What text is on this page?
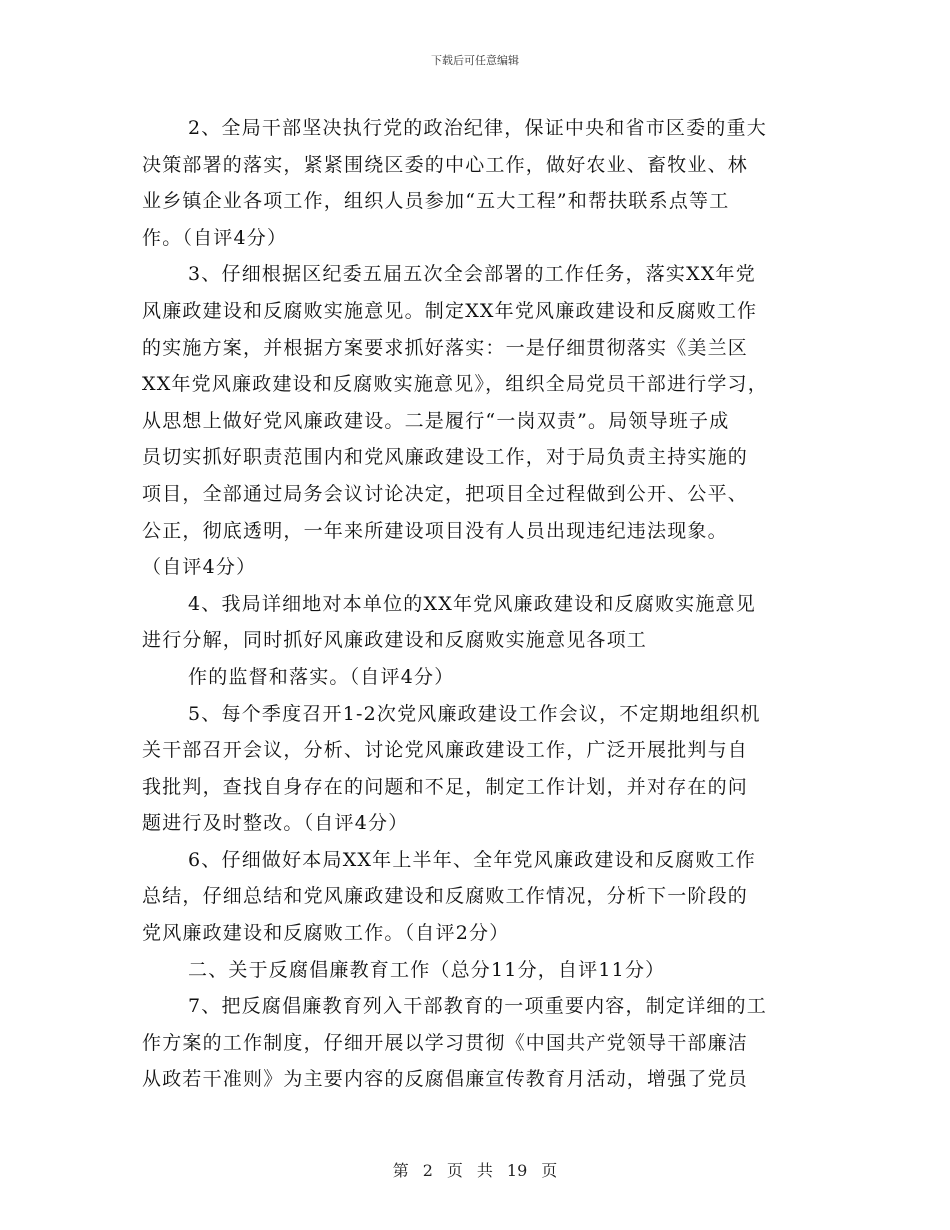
下载后可任意编辑
2、全局干部坚决执行党的政治纪律，保证中央和省市区委的重大
决策部署的落实，紧紧围绕区委的中心工作，做好农业、畜牧业、林
业乡镇企业各项工作，组织人员参加“五大工程”和帮扶联系点等工
作。（自评4分）
3、仔细根据区纪委五届五次全会部署的工作任务，落实XX年党
风廉政建设和反腐败实施意见。制定XX年党风廉政建设和反腐败工作
的实施方案，并根据方案要求抓好落实：一是仔细贯彻落实《美兰区
XX年党风廉政建设和反腐败实施意见》，组织全局党员干部进行学习，
从思想上做好党风廉政建设。二是履行“一岗双责”。局领导班子成
员切实抓好职责范围内和党风廉政建设工作，对于局负责主持实施的
项目，全部通过局务会议讨论决定，把项目全过程做到公开、公平、
公正，彻底透明，一年来所建设项目没有人员出现违纪违法现象。
（自评4分）
4、我局详细地对本单位的XX年党风廉政建设和反腐败实施意见
进行分解，同时抓好风廉政建设和反腐败实施意见各项工
作的监督和落实。（自评4分）
5、每个季度召开1-2次党风廉政建设工作会议，不定期地组织机
关干部召开会议，分析、讨论党风廉政建设工作，广泛开展批判与自
我批判，查找自身存在的问题和不足，制定工作计划，并对存在的问
题进行及时整改。（自评4分）
6、仔细做好本局XX年上半年、全年党风廉政建设和反腐败工作
总结，仔细总结和党风廉政建设和反腐败工作情况，分析下一阶段的
党风廉政建设和反腐败工作。（自评2分）
二、关于反腐倡廉教育工作（总分11分，自评11分）
7、把反腐倡廉教育列入干部教育的一项重要内容，制定详细的工
作方案的工作制度，仔细开展以学习贯彻《中国共产党领导干部廉洁
从政若干准则》为主要内容的反腐倡廉宣传教育月活动，增强了党员
第 2 页 共 19 页
